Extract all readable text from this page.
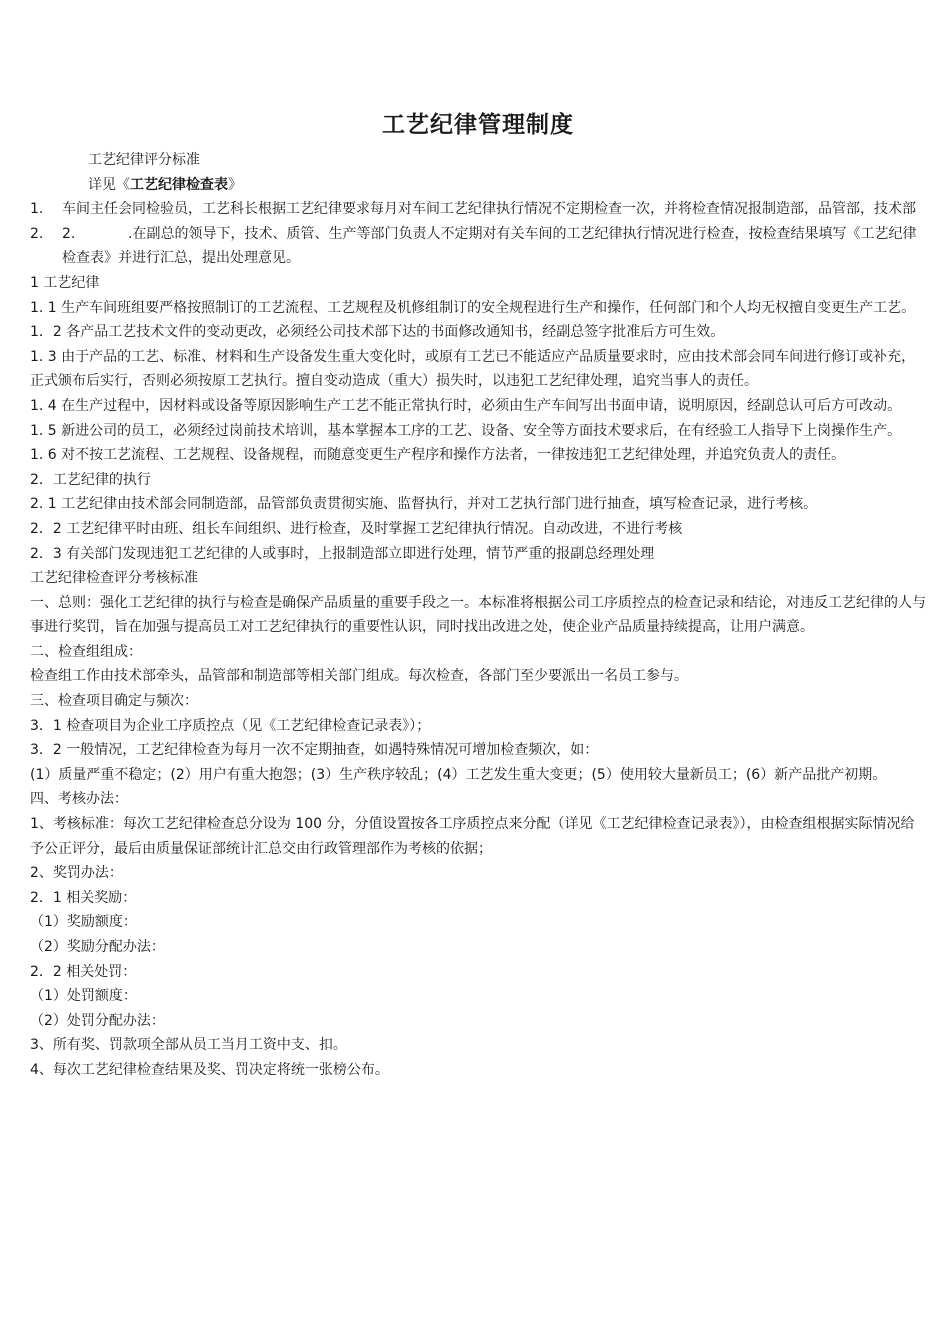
工艺纪律管理制度
工艺纪律评分标准
详见《工艺纪律检查表》
1.	车间主任会同检验员，工艺科长根据工艺纪律要求每月对车间工艺纪律执行情况不定期检查一次，并将检查情况报制造部，品管部，技术部
2.	2.	.在副总的领导下，技术、质管、生产等部门负责人不定期对有关车间的工艺纪律执行情况进行检查，按检查结果填写《工艺纪律检查表》并进行汇总，提出处理意见。
1 工艺纪律
1. 1 生产车间班组要严格按照制订的工艺流程、工艺规程及机修组制订的安全规程进行生产和操作，任何部门和个人均无权擅自变更生产工艺。
1．2 各产品工艺技术文件的变动更改，必须经公司技术部下达的书面修改通知书，经副总签字批准后方可生效。
1. 3 由于产品的工艺、标准、材料和生产设备发生重大变化时，或原有工艺已不能适应产品质量要求时，应由技术部会同车间进行修订或补充，正式颁布后实行，否则必须按原工艺执行。擅自变动造成（重大）损失时，以违犯工艺纪律处理，追究当事人的责任。
1. 4 在生产过程中，因材料或设备等原因影响生产工艺不能正常执行时，必须由生产车间写出书面申请，说明原因，经副总认可后方可改动。
1. 5 新进公司的员工，必须经过岗前技术培训，基本掌握本工序的工艺、设备、安全等方面技术要求后，在有经验工人指导下上岗操作生产。
1. 6 对不按工艺流程、工艺规程、设备规程，而随意变更生产程序和操作方法者，一律按违犯工艺纪律处理，并追究负责人的责任。
2．工艺纪律的执行
2. 1 工艺纪律由技术部会同制造部，品管部负责贯彻实施、监督执行，并对工艺执行部门进行抽查，填写检查记录，进行考核。
2．2 工艺纪律平时由班、组长车间组织、进行检查，及时掌握工艺纪律执行情况。自动改进，不进行考核
2．3 有关部门发现违犯工艺纪律的人或事时，上报制造部立即进行处理，情节严重的报副总经理处理
工艺纪律检查评分考核标准
一、总则：强化工艺纪律的执行与检查是确保产品质量的重要手段之一。本标准将根据公司工序质控点的检查记录和结论，对违反工艺纪律的人与事进行奖罚，旨在加强与提高员工对工艺纪律执行的重要性认识，同时找出改进之处，使企业产品质量持续提高，让用户满意。
二、检查组组成：
检查组工作由技术部牵头，品管部和制造部等相关部门组成。每次检查，各部门至少要派出一名员工参与。
三、检查项目确定与频次：
3．1 检查项目为企业工序质控点（见《工艺纪律检查记录表》）；
3．2 一般情况，工艺纪律检查为每月一次不定期抽查，如遇特殊情况可增加检查频次，如：
(1）质量严重不稳定；(2）用户有重大抱怨；(3）生产秩序较乱；(4）工艺发生重大变更；(5）使用较大量新员工；(6）新产品批产初期。
四、考核办法：
1、考核标准：每次工艺纪律检查总分设为 100 分，分值设置按各工序质控点来分配（详见《工艺纪律检查记录表》），由检查组根据实际情况给予公正评分，最后由质量保证部统计汇总交由行政管理部作为考核的依据；
2、奖罚办法：
2．1 相关奖励：
（1）奖励额度：
（2）奖励分配办法：
2．2 相关处罚：
（1）处罚额度：
（2）处罚分配办法：
3、所有奖、罚款项全部从员工当月工资中支、扣。
4、每次工艺纪律检查结果及奖、罚决定将统一张榜公布。
